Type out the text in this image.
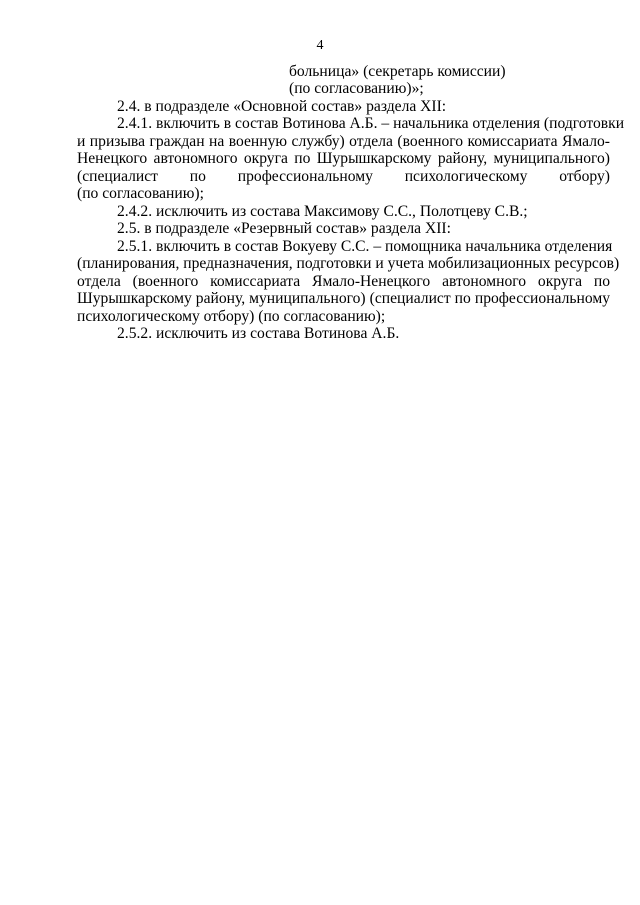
4
больница» (секретарь комиссии)
(по согласованию)»;
2.4. в подразделе «Основной состав» раздела XII:
2.4.1. включить в состав Вотинова А.Б. – начальника отделения (подготовки
и призыва граждан на военную службу) отдела (военного комиссариата Ямало-
Ненецкого автономного округа по Шурышкарскому району, муниципального)
(специалист по профессиональному психологическому отбору)
(по согласованию);
2.4.2. исключить из состава Максимову С.С., Полотцеву С.В.;
2.5. в подразделе «Резервный состав» раздела XII:
2.5.1. включить в состав Вокуеву С.С. – помощника начальника отделения
(планирования, предназначения, подготовки и учета мобилизационных ресурсов)
отдела (военного комиссариата Ямало-Ненецкого автономного округа по
Шурышкарскому району, муниципального) (специалист по профессиональному
психологическому отбору) (по согласованию);
2.5.2. исключить из состава Вотинова А.Б.
